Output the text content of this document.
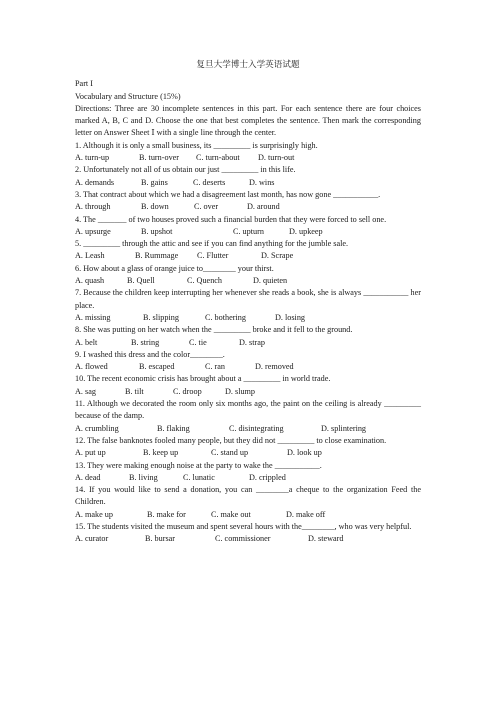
复旦大学博士入学英语试题
Part I
Vocabulary and Structure (15%)
Directions: Three are 30 incomplete sentences in this part. For each sentence there are four choices marked A, B, C and D. Choose the one that best completes the sentence. Then mark the corresponding letter on Answer Sheet Ⅰ with a single line through the center.
1. Although it is only a small business, its _________ is surprisingly high.
A. turn-up	B. turn-over	C. turn-about	D. turn-out
2. Unfortunately not all of us obtain our just _________ in this life.
A. demands	B. gains	C. deserts	D. wins
3. That contract about which we had a disagreement last month, has now gone ___________.
A. through	B. down	C. over	D. around
4. The _______ of two houses proved such a financial burden that they were forced to sell one.
A. upsurge	B. upshot	C. upturn	D. upkeep
5. _________ through the attic and see if you can find anything for the jumble sale.
A. Leash	B. Rummage	C. Flutter	D. Scrape
6. How about a glass of orange juice to________ your thirst.
A. quash	B. Quell	C. Quench	D. quieten
7. Because the children keep interrupting her whenever she reads a book, she is always ___________ her place.
A. missing	B. slipping	C. bothering	D. losing
8. She was putting on her watch when the _________ broke and it fell to the ground.
A. belt	B. string	C. tie	D. strap
9. I washed this dress and the color________.
A. flowed	B. escaped	C. ran	D. removed
10. The recent economic crisis has brought about a _________ in world trade.
A. sag	B. tilt	C. droop	D. slump
11. Although we decorated the room only six months ago, the paint on the ceiling is already _________ because of the damp.
A. crumbling	B. flaking	C. disintegrating	D. splintering
12. The false banknotes fooled many people, but they did not _________ to close examination.
A. put up	B. keep up	C. stand up	D. look up
13. They were making enough noise at the party to wake the ___________.
A. dead	B. living	C. lunatic	D. crippled
14. If you would like to send a donation, you can ________a cheque to the organization Feed the Children.
A. make up	B. make for	C. make out	D. make off
15. The students visited the museum and spent several hours with the________, who was very helpful.
A. curator	B. bursar	C. commissioner	D. steward
